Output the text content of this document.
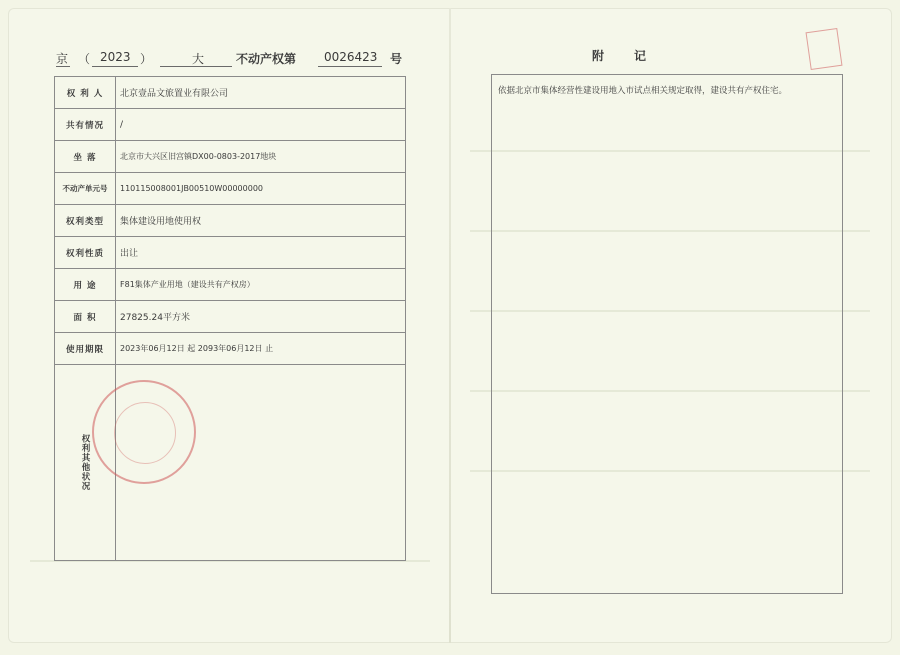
京 （ 2023 ）	大	不动产权第 0026423 号
权 利 人	北京壹品文旅置业有限公司
共有情况	/
坐 落	北京市大兴区旧宫镇DX00-0803-2017地块
不动产单元号	110115008001JB00510W00000000
权利类型	集体建设用地使用权
权利性质	出让
用 途	F81集体产业用地（建设共有产权房）
面 积	27825.24平方米
使用期限	2023年06月12日 起 2093年06月12日 止

权利其他状况	

附记
依据北京市集体经营性建设用地入市试点相关规定取得，建设共有产权住宅。
